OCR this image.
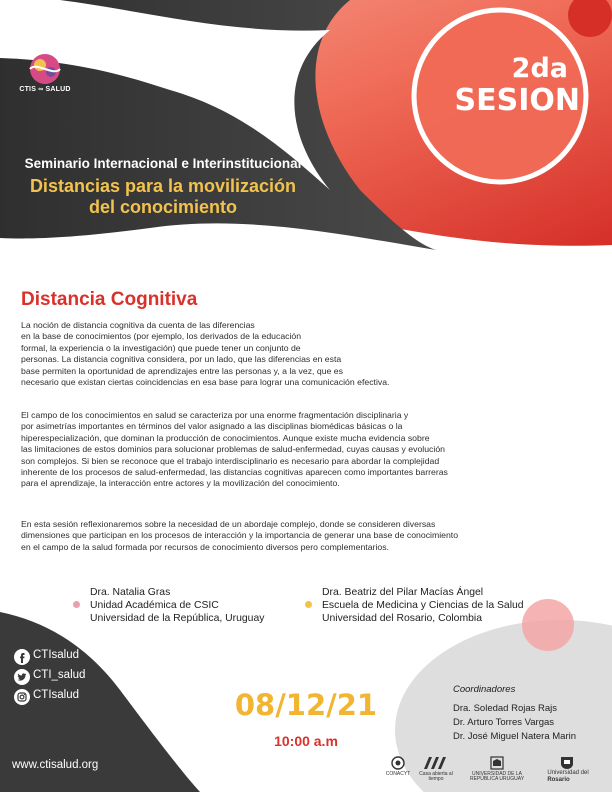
CTIS ∞ SALUD
2da
SESION
Seminario Internacional e Interinstitucional
Distancias para la movilización
del conocimiento
Distancia Cognitiva

La noción de distancia cognitiva da cuenta de las diferencias
en la base de conocimientos (por ejemplo, los derivados de la educación
formal, la experiencia o la investigación) que puede tener un conjunto de
personas. La distancia cognitiva considera, por un lado, que las diferencias en esta
base permiten la oportunidad de aprendizajes entre las personas y, a la vez, que es
necesario que existan ciertas coincidencias en esa base para lograr una comunicación efectiva.

El campo de los conocimientos en salud se caracteriza por una enorme fragmentación disciplinaria y
por asimetrías importantes en términos del valor asignado a las disciplinas biomédicas básicas o la
hiperespecialización, que dominan la producción de conocimientos. Aunque existe mucha evidencia sobre
las limitaciones de estos dominios para solucionar problemas de salud-enfermedad, cuyas causas y evolución
son complejos. Si bien se reconoce que el trabajo interdisciplinario es necesario para abordar la complejidad
inherente de los procesos de salud-enfermedad, las distancias cognitivas aparecen como importantes barreras
para el aprendizaje, la interacción entre actores y la movilización del conocimiento.

En esta sesión reflexionaremos sobre la necesidad de un abordaje complejo, donde se consideren diversas
dimensiones que participan en los procesos de interacción y la importancia de generar una base de conocimiento
en el campo de la salud formada por recursos de conocimiento diversos pero complementarios.

Dra. Natalia Gras
Unidad Académica de CSIC
Universidad de la República, Uruguay
Dra. Beatriz del Pilar Macías Ángel
Escuela de Medicina y Ciencias de la Salud
Universidad del Rosario, Colombia
CTIsalud
CTI_salud
CTIsalud
www.ctisalud.org
08/12/21
10:00 a.m
Coordinadores
Dra. Soledad Rojas Rajs
Dr. Arturo Torres Vargas
Dr. José Miguel Natera Marin
CONACYT	Casa abierta al tiempo
UNIVERSIDAD DE LA REPÚBLICA URUGUAY
Universidad del
Rosario
